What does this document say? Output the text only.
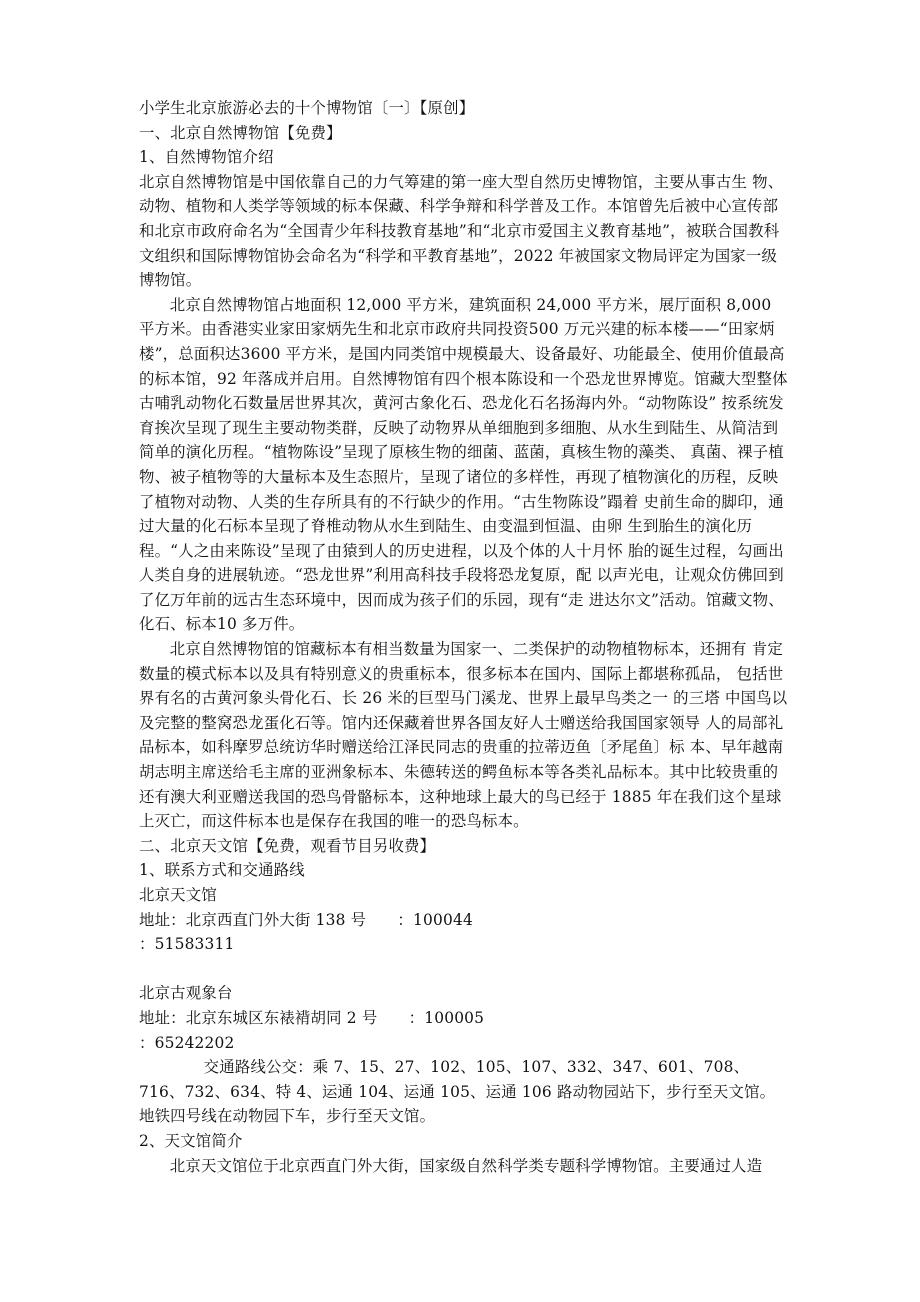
小学生北京旅游必去的十个博物馆〔一〕【原创】

一、北京自然博物馆【免费】

1、自然博物馆介绍

北京自然博物馆是中国依靠自己的力气筹建的第一座大型自然历史博物馆，主要从事古生 物、动物、植物和人类学等领域的标本保藏、科学争辩和科学普及工作。本馆曾先后被中心宣传部和北京市政府命名为“全国青少年科技教育基地”和“北京市爱国主义教育基地”，被联合国教科文组织和国际博物馆协会命名为“科学和平教育基地”，2022 年被国家文物局评定为国家一级博物馆。

北京自然博物馆占地面积 12,000 平方米，建筑面积 24,000 平方米，展厅面积 8,000 平方米。由香港实业家田家炳先生和北京市政府共同投资500 万元兴建的标本楼——“田家炳楼”，总面积达3600 平方米，是国内同类馆中规模最大、设备最好、功能最全、使用价值最高的标本馆，92 年落成并启用。自然博物馆有四个根本陈设和一个恐龙世界博览。馆藏大型整体古哺乳动物化石数量居世界其次，黄河古象化石、恐龙化石名扬海内外。“动物陈设” 按系统发育挨次呈现了现生主要动物类群，反映了动物界从单细胞到多细胞、从水生到陆生、从简洁到简单的演化历程。“植物陈设”呈现了原核生物的细菌、蓝菌，真核生物的藻类、 真菌、裸子植物、被子植物等的大量标本及生态照片，呈现了诸位的多样性，再现了植物演化的历程，反映了植物对动物、人类的生存所具有的不行缺少的作用。“古生物陈设”蹋着 史前生命的脚印，通过大量的化石标本呈现了脊椎动物从水生到陆生、由变温到恒温、由卵 生到胎生的演化历程。“人之由来陈设”呈现了由猿到人的历史进程，以及个体的人十月怀 胎的诞生过程，勾画出人类自身的进展轨迹。“恐龙世界”利用高科技手段将恐龙复原，配 以声光电，让观众仿佛回到了亿万年前的远古生态环境中，因而成为孩子们的乐园，现有“走 进达尔文”活动。馆藏文物、化石、标本10 多万件。

北京自然博物馆的馆藏标本有相当数量为国家一、二类保护的动物植物标本，还拥有 肯定数量的模式标本以及具有特别意义的贵重标本，很多标本在国内、国际上都堪称孤品， 包括世界有名的古黄河象头骨化石、长 26 米的巨型马门溪龙、世界上最早鸟类之一 的三塔 中国鸟以及完整的整窝恐龙蛋化石等。馆内还保藏着世界各国友好人士赠送给我国国家领导 人的局部礼品标本，如科摩罗总统访华时赠送给江泽民同志的贵重的拉蒂迈鱼〔矛尾鱼〕标 本、早年越南胡志明主席送给毛主席的亚洲象标本、朱德转送的鳄鱼标本等各类礼品标本。其中比较贵重的还有澳大利亚赠送我国的恐鸟骨骼标本，这种地球上最大的鸟已经于 1885 年在我们这个星球上灭亡，而这件标本也是保存在我国的唯一的恐鸟标本。

二、北京天文馆【免费，观看节目另收费】

1、联系方式和交通路线

北京天文馆

地址：北京西直门外大街 138 号　　：100044

：51583311

北京古观象台

地址：北京东城区东裱褙胡同 2 号　　：100005

：65242202

交通路线公交：乘 7、15、27、102、105、107、332、347、601、708、716、732、634、特 4、运通 104、运通 105、运通 106 路动物园站下，步行至天文馆。

地铁四号线在动物园下车，步行至天文馆。

2、天文馆简介

北京天文馆位于北京西直门外大街，国家级自然科学类专题科学博物馆。主要通过人造
